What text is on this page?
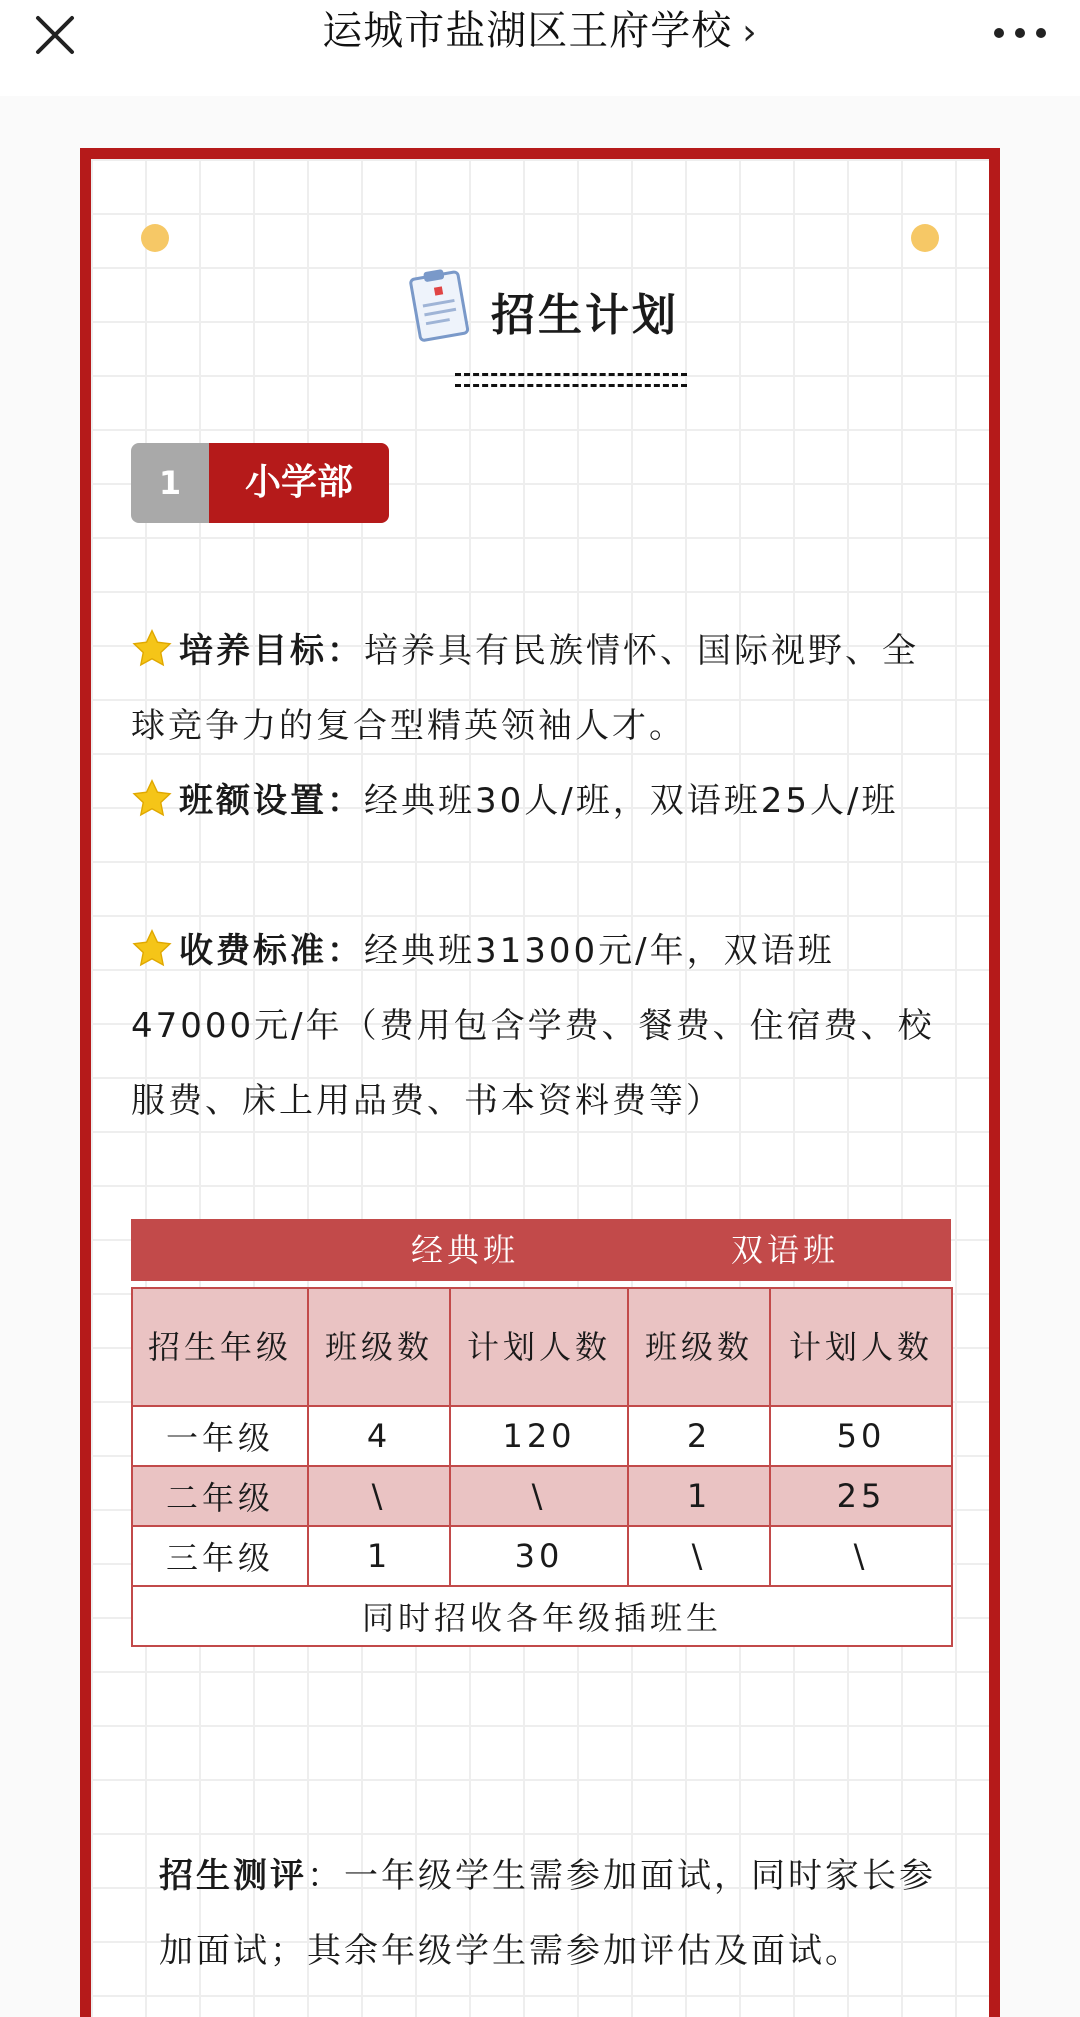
运城市盐湖区王府学校 ›
招生计划
1	小学部
培养目标：培养具有民族情怀、国际视野、全球竞争力的复合型精英领袖人才。
班额设置：经典班30人/班，双语班25人/班
收费标准：经典班31300元/年，双语班47000元/年（费用包含学费、餐费、住宿费、校服费、床上用品费、书本资料费等）
经典班	双语班
招生年级	班级数	计划人数	班级数	计划人数
一年级	4	120	2	50
二年级	\	\	1	25
三年级	1	30	\	\
同时招收各年级插班生				
招生测评：一年级学生需参加面试，同时家长参加面试；其余年级学生需参加评估及面试。
